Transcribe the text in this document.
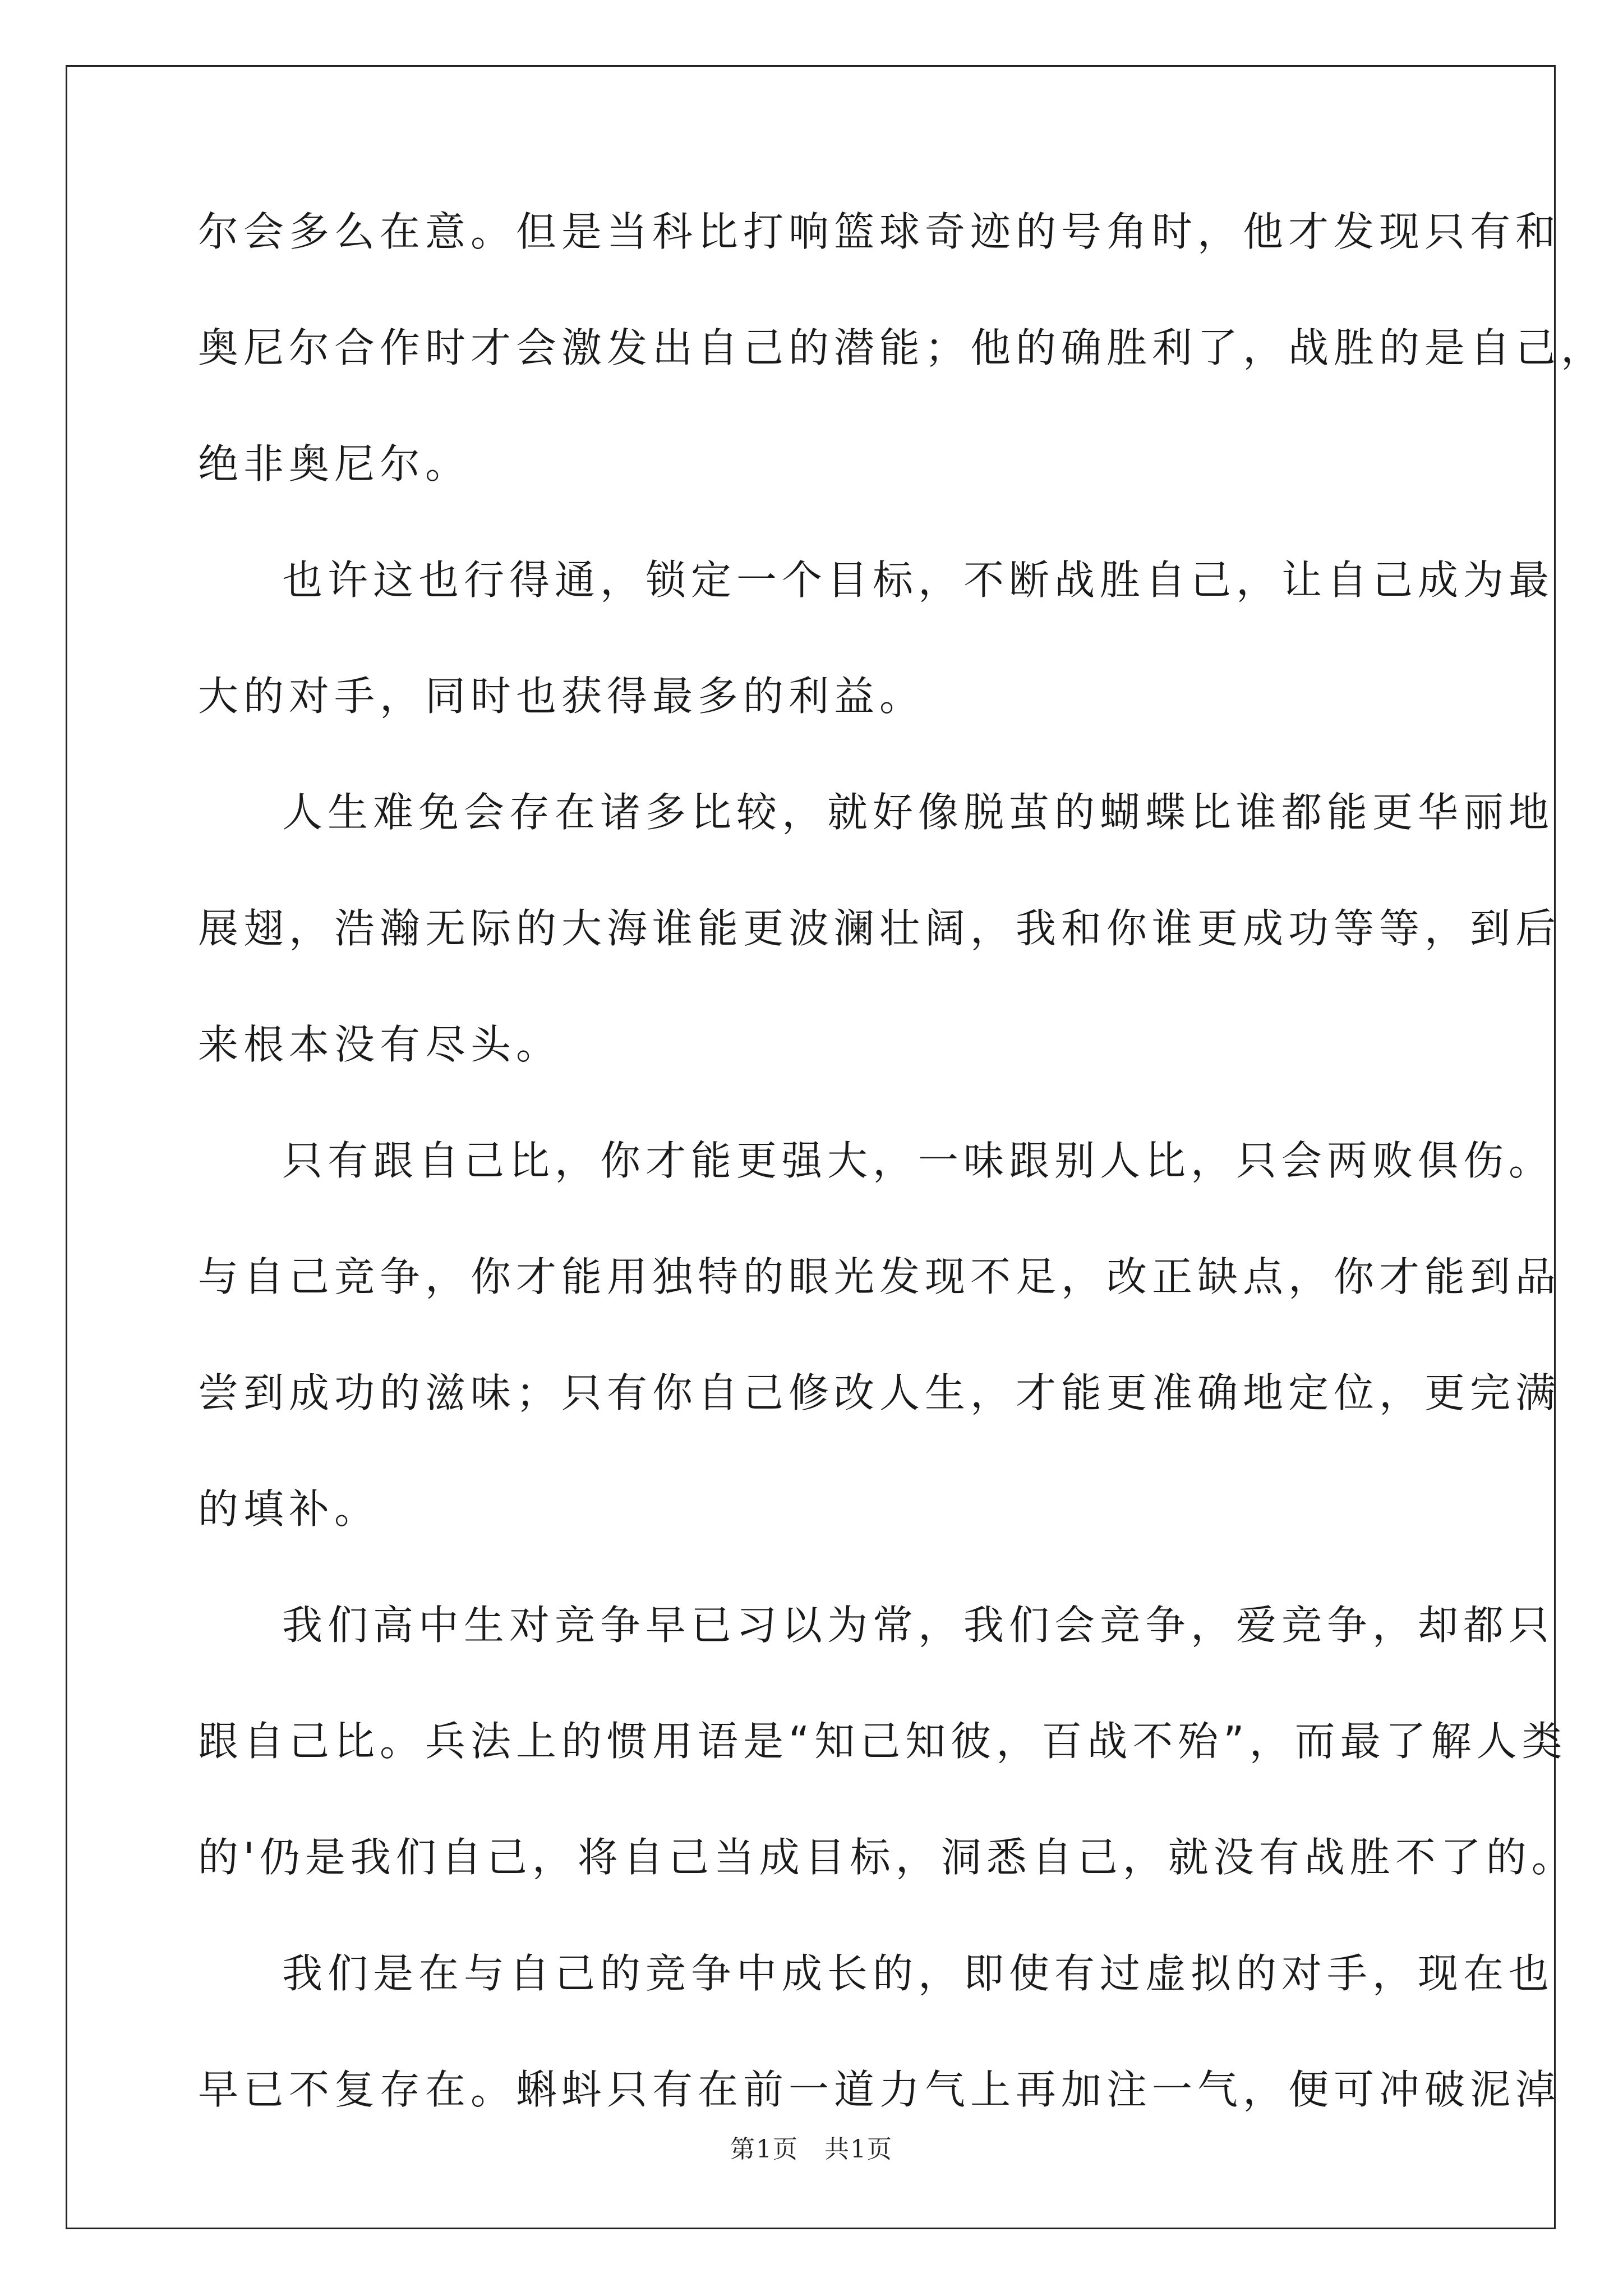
尔会多么在意。但是当科比打响篮球奇迹的号角时，他才发现只有和
奥尼尔合作时才会激发出自己的潜能；他的确胜利了，战胜的是自己，
绝非奥尼尔。
也许这也行得通，锁定一个目标，不断战胜自己，让自己成为最
大的对手，同时也获得最多的利益。
人生难免会存在诸多比较，就好像脱茧的蝴蝶比谁都能更华丽地
展翅，浩瀚无际的大海谁能更波澜壮阔，我和你谁更成功等等，到后
来根本没有尽头。
只有跟自己比，你才能更强大，一味跟别人比，只会两败俱伤。
与自己竞争，你才能用独特的眼光发现不足，改正缺点，你才能到品
尝到成功的滋味；只有你自己修改人生，才能更准确地定位，更完满
的填补。
我们高中生对竞争早已习以为常，我们会竞争，爱竞争，却都只
跟自己比。兵法上的惯用语是“知己知彼，百战不殆”，而最了解人类
的'仍是我们自己，将自己当成目标，洞悉自己，就没有战胜不了的。
我们是在与自己的竞争中成长的，即使有过虚拟的对手，现在也
早已不复存在。蝌蚪只有在前一道力气上再加注一气，便可冲破泥淖
第1页　共1页
